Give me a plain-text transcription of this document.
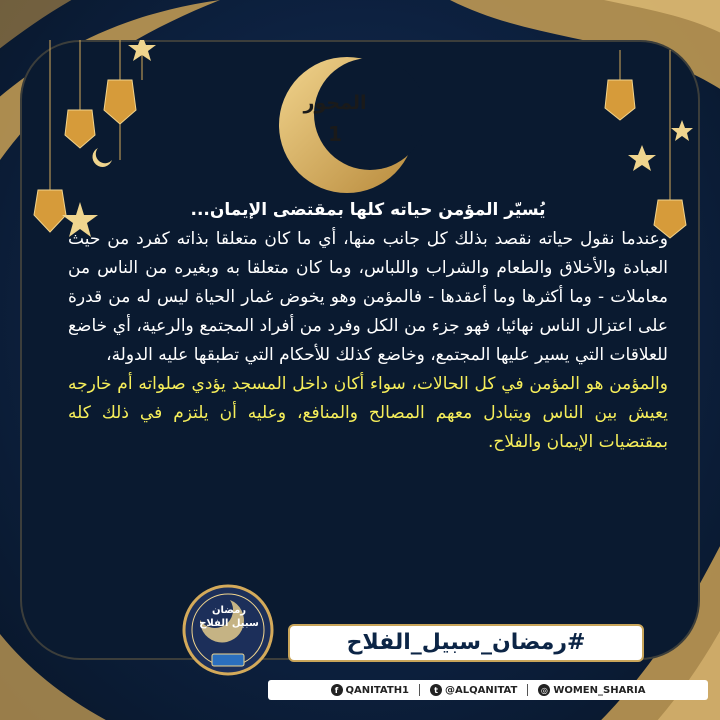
المحور
1

يُسيّر المؤمن حياته كلها بمقتضى الإيمان...

وعندما نقول حياته نقصد بذلك كل جانب منها، أي ما كان متعلقا بذاته كفرد من حيث العبادة والأخلاق والطعام والشراب واللباس، وما كان متعلقا به وبغيره من الناس من معاملات - وما أكثرها وما أعقدها - فالمؤمن وهو يخوض غمار الحياة ليس له من قدرة على اعتزال الناس نهائيا، فهو جزء من الكل وفرد من أفراد المجتمع والرعية، أي خاضع للعلاقات التي يسير عليها المجتمع، وخاضع كذلك للأحكام التي تطبقها عليه الدولة،

والمؤمن هو المؤمن في كل الحالات، سواء أكان داخل المسجد يؤدي صلواته أم خارجه يعيش بين الناس ويتبادل معهم المصالح والمنافع، وعليه أن يلتزم في ذلك كله بمقتضيات الإيمان والفلاح.

رمضان
سبيل الفلاح
#رمضان_سبيل_الفلاح
f QANITATH1	t @ALQANITAT	◎ WOMEN_SHARIA
